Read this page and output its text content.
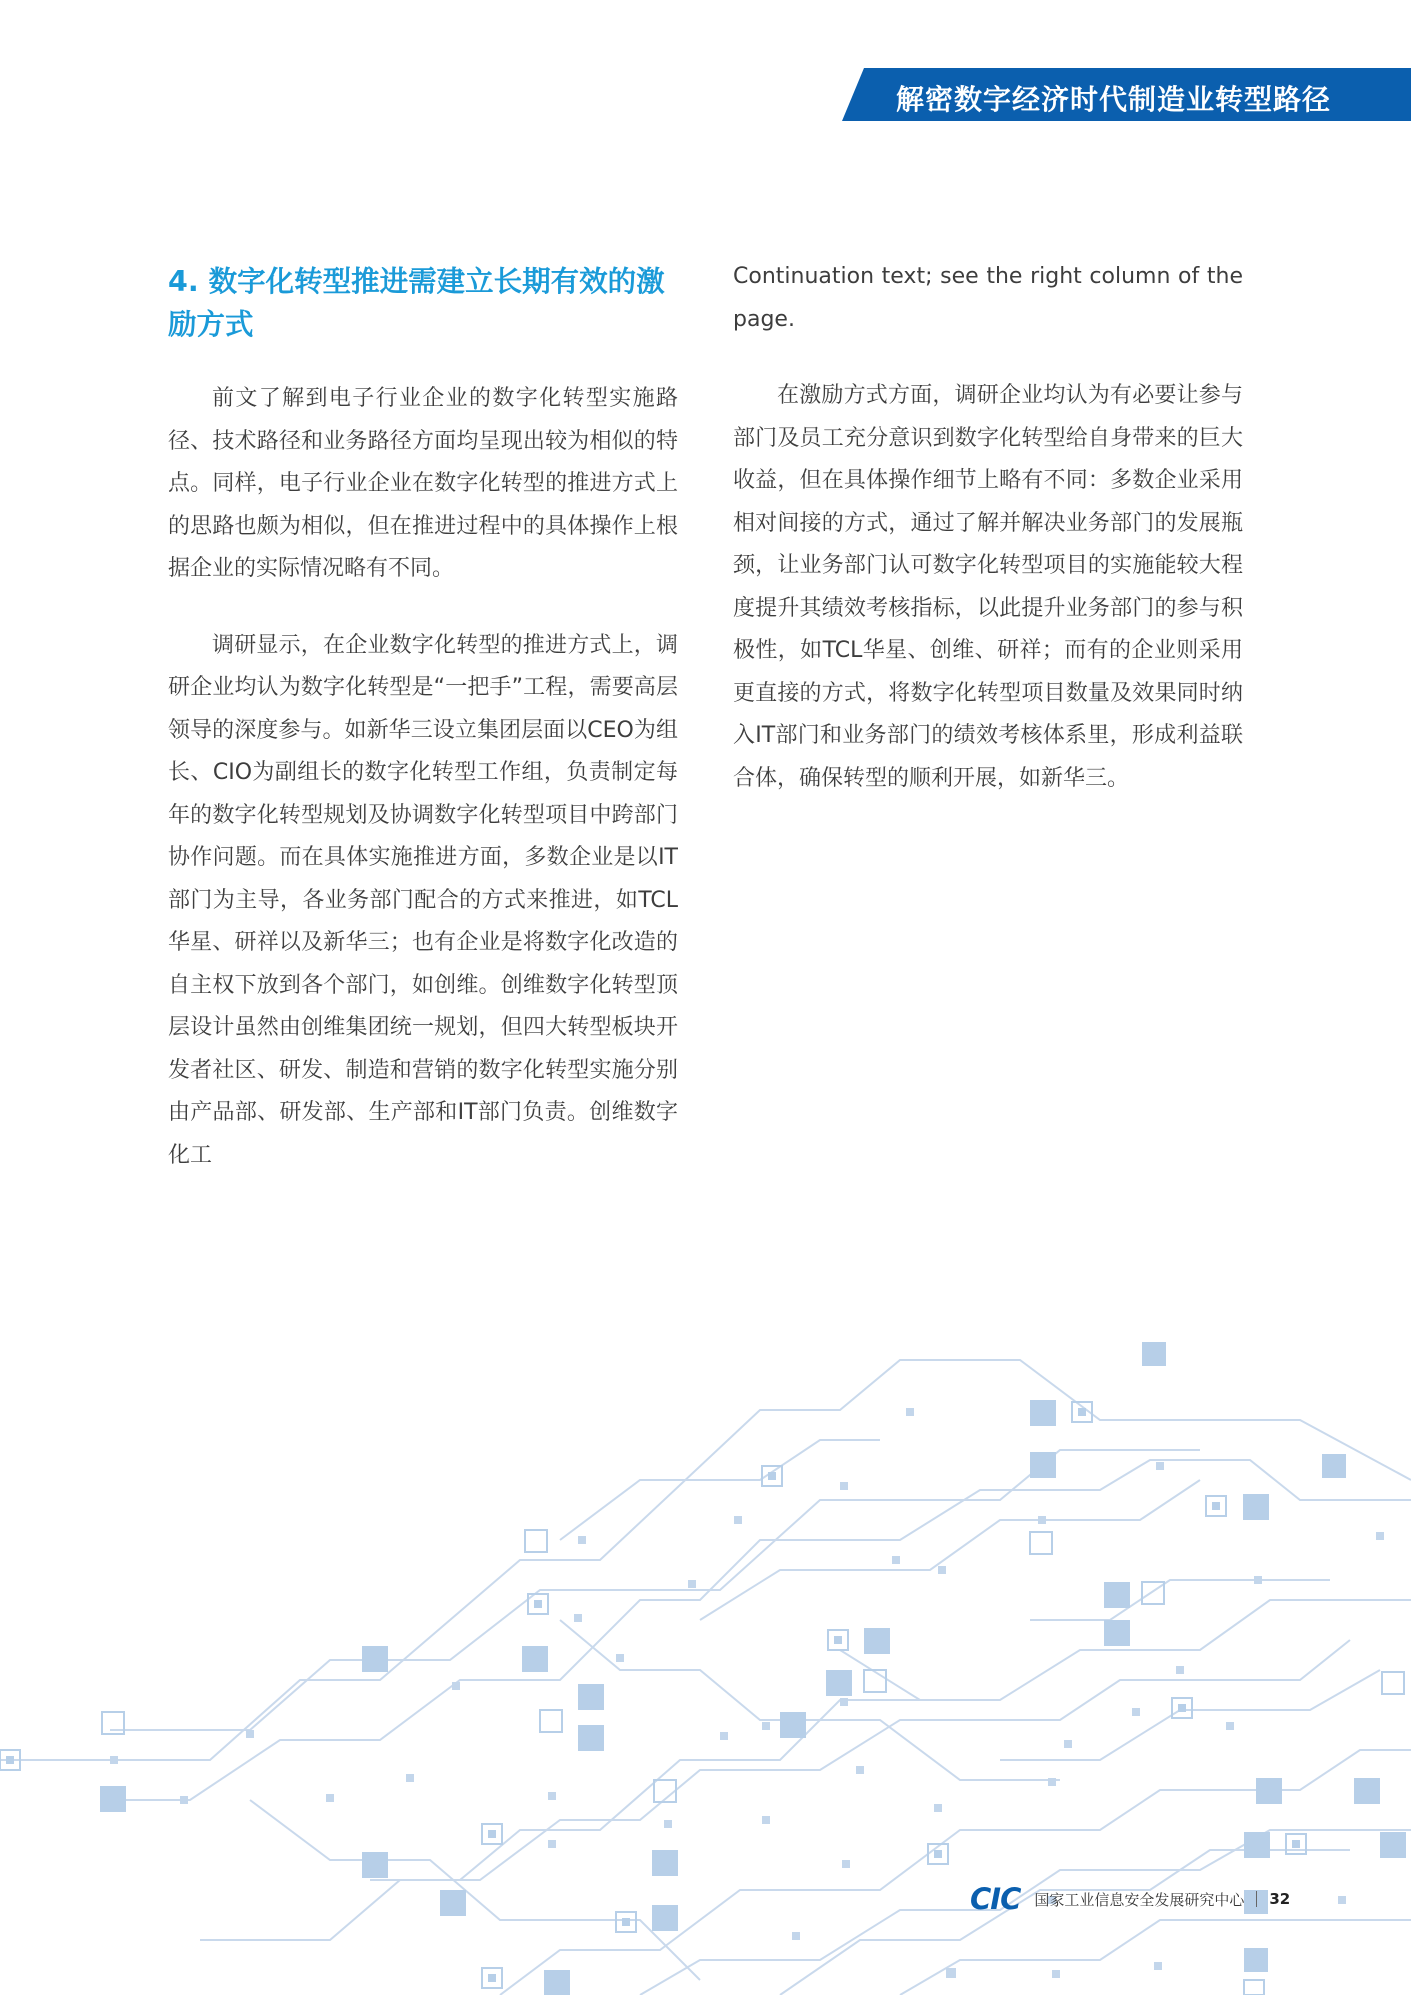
解密数字经济时代制造业转型路径
4. 数字化转型推进需建立长期有效的激励方式

前文了解到电子行业企业的数字化转型实施路径、技术路径和业务路径方面均呈现出较为相似的特点。同样，电子行业企业在数字化转型的推进方式上的思路也颇为相似，但在推进过程中的具体操作上根据企业的实际情况略有不同。

调研显示，在企业数字化转型的推进方式上，调研企业均认为数字化转型是“一把手”工程，需要高层领导的深度参与。如新华三设立集团层面以CEO为组长、CIO为副组长的数字化转型工作组，负责制定每年的数字化转型规划及协调数字化转型项目中跨部门协作问题。而在具体实施推进方面，多数企业是以IT部门为主导，各业务部门配合的方式来推进，如TCL华星、研祥以及新华三；也有企业是将数字化改造的自主权下放到各个部门，如创维。创维数字化转型顶层设计虽然由创维集团统一规划，但四大转型板块开发者社区、研发、制造和营销的数字化转型实施分别由产品部、研发部、生产部和IT部门负责。创维数字化工

Continuation text; see the right column of the page.

在激励方式方面，调研企业均认为有必要让参与部门及员工充分意识到数字化转型给自身带来的巨大收益，但在具体操作细节上略有不同：多数企业采用相对间接的方式，通过了解并解决业务部门的发展瓶颈，让业务部门认可数字化转型项目的实施能较大程度提升其绩效考核指标，以此提升业务部门的参与积极性，如TCL华星、创维、研祥；而有的企业则采用更直接的方式，将数字化转型项目数量及效果同时纳入IT部门和业务部门的绩效考核体系里，形成利益联合体，确保转型的顺利开展，如新华三。

CIC 国家工业信息安全发展研究中心 32
